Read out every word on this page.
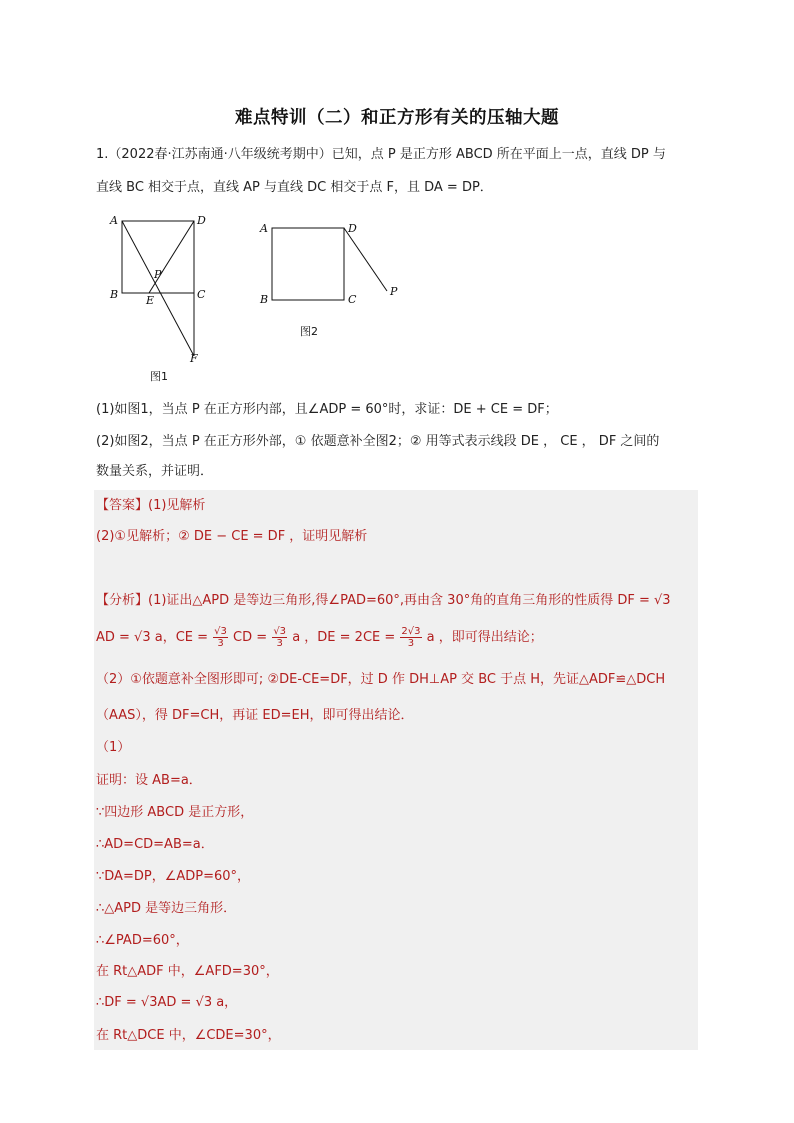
难点特训（二）和正方形有关的压轴大题
1.（2022春·江苏南通·八年级统考期中）已知，点 P 是正方形 ABCD 所在平面上一点，直线 DP 与
直线 BC 相交于点，直线 AP 与直线 DC 相交于点 F，且 DA = DP．
A	D
P
B	E	C
F
图1
A	D
B	C
P
图2
(1)如图1，当点 P 在正方形内部，且∠ADP = 60°时，求证：DE + CE = DF；
(2)如图2，当点 P 在正方形外部，① 依题意补全图2；② 用等式表示线段 DE ， CE ， DF 之间的
数量关系，并证明．
【答案】(1)见解析
(2)①见解析；② DE − CE = DF ，证明见解析
【分析】(1)证出△APD 是等边三角形,得∠PAD=60°,再由含 30°角的直角三角形的性质得 DF = √3
AD = √3 a，CE = $\frac{√3}{3}$ CD = $\frac{√3}{3}$ a ，DE = $2CE = \frac{2√3}{3}$ a ，即可得出结论；
（2）①依题意补全图形即可; ②DE-CE=DF，过 D 作 DH⊥AP 交 BC 于点 H，先证△ADF≌△DCH
（AAS），得 DF=CH，再证 ED=EH，即可得出结论．
（1）
证明：设 AB=a．
∵四边形 ABCD 是正方形，
∴AD=CD=AB=a．
∵DA=DP，∠ADP=60°，
∴△APD 是等边三角形．
∴∠PAD=60°，
在 Rt△ADF 中，∠AFD=30°，
∴DF = √3AD = √3 a，
在 Rt△DCE 中，∠CDE=30°，
